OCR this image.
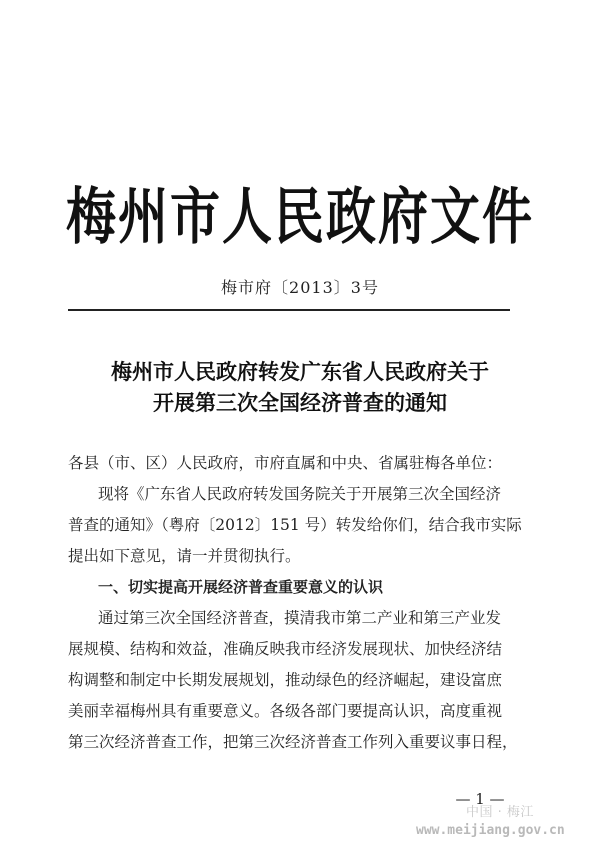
梅州市人民政府文件
梅市府〔2013〕3号
梅州市人民政府转发广东省人民政府关于
开展第三次全国经济普查的通知
各县（市、区）人民政府，市府直属和中央、省属驻梅各单位：
现将《广东省人民政府转发国务院关于开展第三次全国经济
普查的通知》（粤府〔2012〕151 号）转发给你们，结合我市实际
提出如下意见，请一并贯彻执行。
一、切实提高开展经济普查重要意义的认识
通过第三次全国经济普查，摸清我市第二产业和第三产业发
展规模、结构和效益，准确反映我市经济发展现状、加快经济结
构调整和制定中长期发展规划，推动绿色的经济崛起，建设富庶
美丽幸福梅州具有重要意义。各级各部门要提高认识，高度重视
第三次经济普查工作，把第三次经济普查工作列入重要议事日程，
— 1 —
中国 · 梅江
www.meijiang.gov.cn
